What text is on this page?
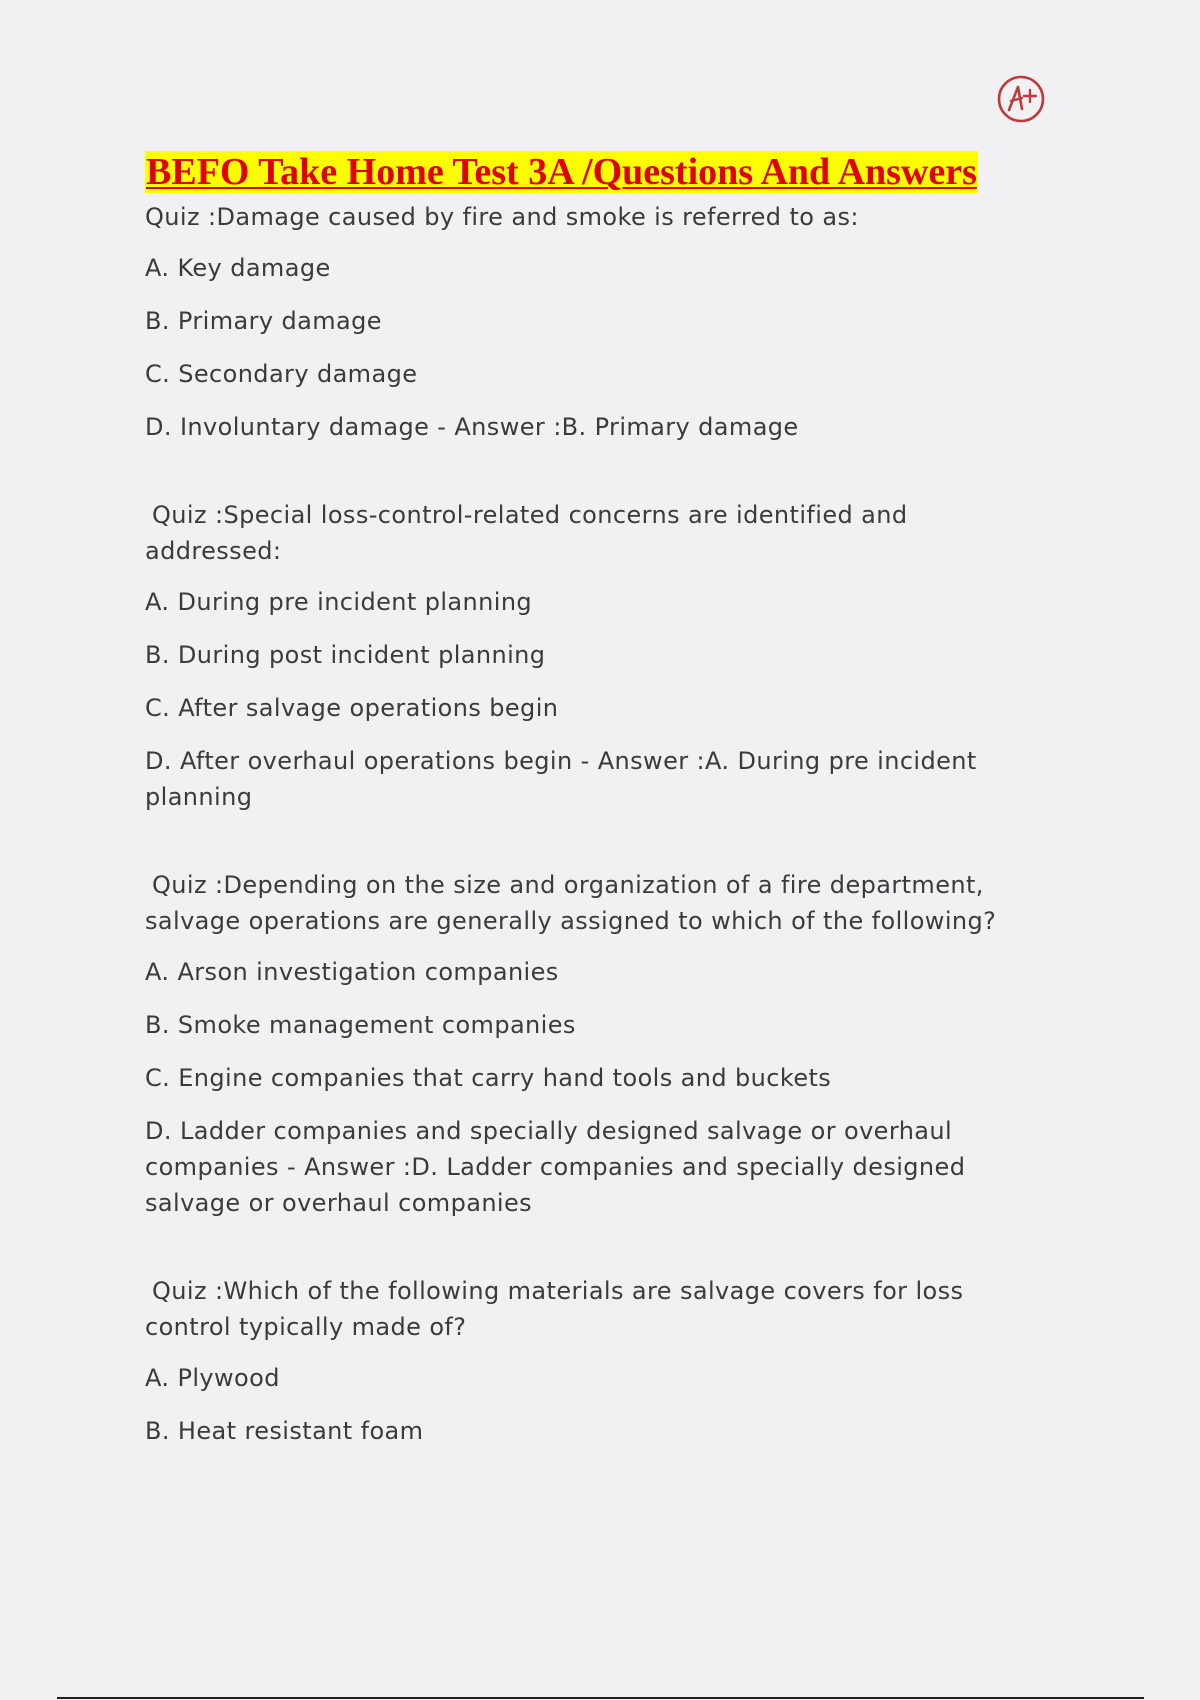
BEFO Take Home Test 3A /Questions And Answers

Quiz :Damage caused by fire and smoke is referred to as:

A. Key damage

B. Primary damage

C. Secondary damage

D. Involuntary damage - Answer :B. Primary damage

Quiz :Special loss-control-related concerns are identified and addressed:

A. During pre incident planning

B. During post incident planning

C. After salvage operations begin

D. After overhaul operations begin - Answer :A. During pre incident planning

Quiz :Depending on the size and organization of a fire department, salvage operations are generally assigned to which of the following?

A. Arson investigation companies

B. Smoke management companies

C. Engine companies that carry hand tools and buckets

D. Ladder companies and specially designed salvage or overhaul companies - Answer :D. Ladder companies and specially designed salvage or overhaul companies

Quiz :Which of the following materials are salvage covers for loss control typically made of?

A. Plywood

B. Heat resistant foam
